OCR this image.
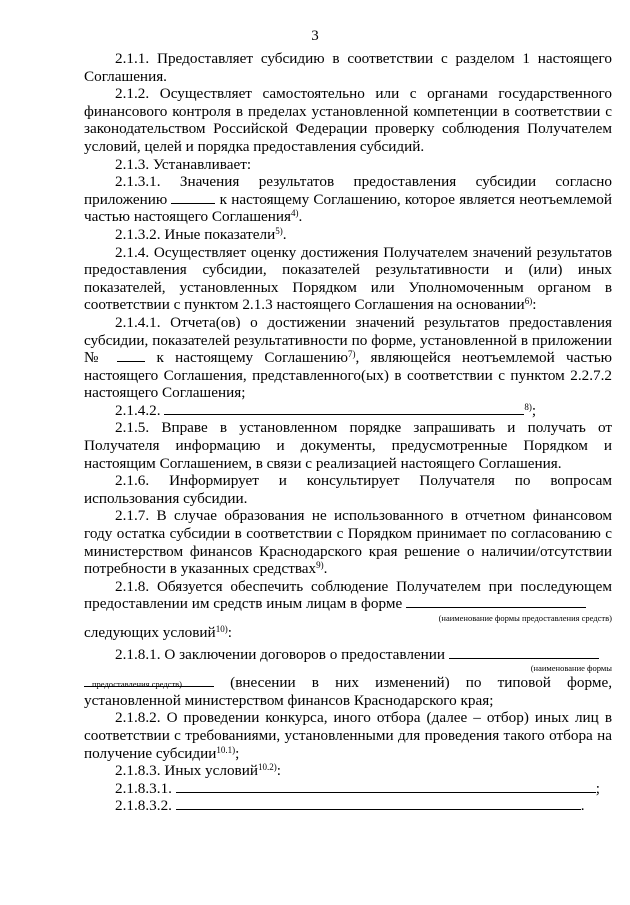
3

2.1.1. Предоставляет субсидию в соответствии с разделом 1 настоящего Соглашения.

2.1.2. Осуществляет самостоятельно или с органами государственного финансового контроля в пределах установленной компетенции в соответствии с законодательством Российской Федерации проверку соблюдения Получателем условий, целей и порядка предоставления субсидий.

2.1.3. Устанавливает:

2.1.3.1. Значения результатов предоставления субсидии согласно приложению	к настоящему Соглашению, которое является неотъемлемой частью настоящего Соглашения$^{4)}$.

2.1.3.2. Иные показатели$^{5)}$.

2.1.4. Осуществляет оценку достижения Получателем значений результатов предоставления субсидии, показателей результативности и (или) иных показателей, установленных Порядком или Уполномоченным органом в соответствии с пунктом 2.1.3 настоящего Соглашения на основании$^{6)}$:

2.1.4.1. Отчета(ов) о достижении значений результатов предоставления субсидии, показателей результативности по форме, установленной в приложении №	к настоящему Соглашению$^{7)}$, являющейся неотъемлемой частью настоящего Соглашения, представленного(ых) в соответствии с пунктом 2.2.7.2 настоящего Соглашения;

2.1.4.2.	$^{8)}$;

2.1.5. Вправе в установленном порядке запрашивать и получать от Получателя информацию и документы, предусмотренные Порядком и настоящим Соглашением, в связи с реализацией настоящего Соглашения.

2.1.6. Информирует и консультирует Получателя по вопросам использования субсидии.

2.1.7. В случае образования не использованного в отчетном финансовом году остатка субсидии в соответствии с Порядком принимает по согласованию с министерством финансов Краснодарского края решение о наличии/отсутствии потребности в указанных средствах$^{9)}$.

2.1.8. Обязуется обеспечить соблюдение Получателем при последующем предоставлении им средств иным лицам в форме

(наименование формы предоставления средств)

следующих условий$^{10)}$:

2.1.8.1. О заключении договоров о предоставлении

(наименование формы

(внесении в них изменений) по типовой форме, установленной министерством финансов Краснодарского края;

предоставления средств)

2.1.8.2. О проведении конкурса, иного отбора (далее – отбор) иных лиц в соответствии с требованиями, установленными для проведения такого отбора на получение субсидии$^{10.1)}$;

2.1.8.3. Иных условий$^{10.2)}$:

2.1.8.3.1.	;

2.1.8.3.2.	.
